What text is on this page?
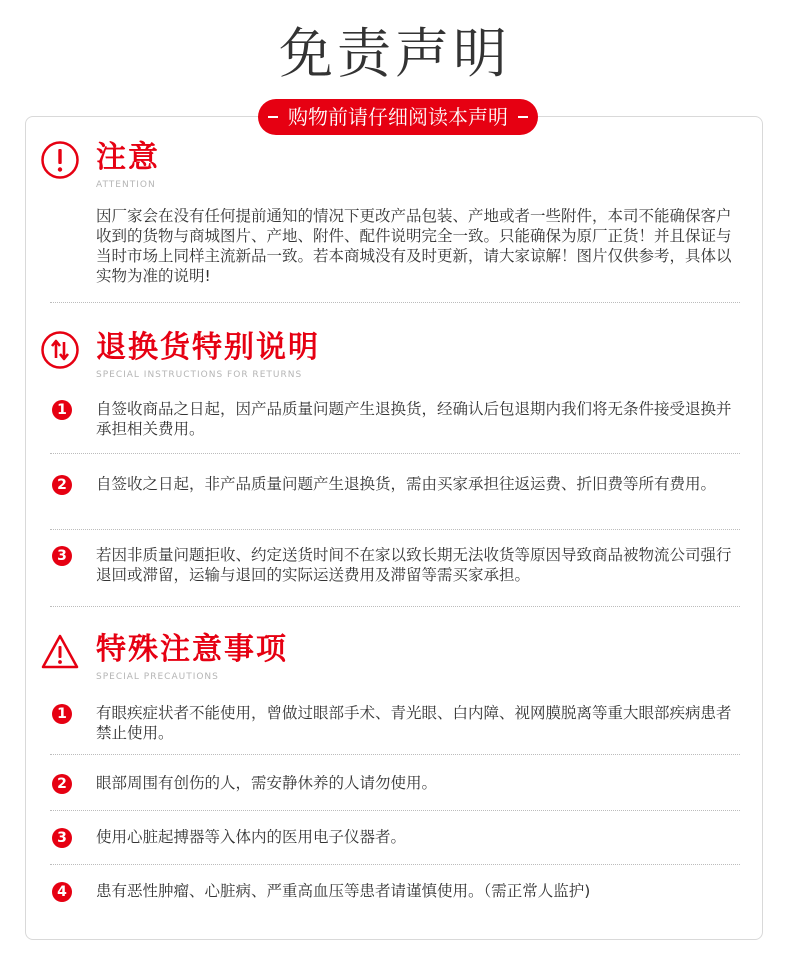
免责声明
购物前请仔细阅读本声明
注意
ATTENTION
因厂家会在没有任何提前通知的情况下更改产品包装、产地或者一些附件，本司不能确保客户收到的货物与商城图片、产地、附件、配件说明完全一致。只能确保为原厂正货！并且保证与当时市场上同样主流新品一致。若本商城没有及时更新，请大家谅解！图片仅供参考，具体以实物为准的说明!
退换货特别说明
SPECIAL INSTRUCTIONS FOR RETURNS
1	自签收商品之日起，因产品质量问题产生退换货，经确认后包退期内我们将无条件接受退换并承担相关费用。
2	自签收之日起，非产品质量问题产生退换货，需由买家承担往返运费、折旧费等所有费用。
3	若因非质量问题拒收、约定送货时间不在家以致长期无法收货等原因导致商品被物流公司强行退回或滞留，运输与退回的实际运送费用及滞留等需买家承担。
特殊注意事项
SPECIAL PRECAUTIONS
1	有眼疾症状者不能使用，曾做过眼部手术、青光眼、白内障、视网膜脱离等重大眼部疾病患者禁止使用。
2	眼部周围有创伤的人，需安静休养的人请勿使用。
3	使用心脏起搏器等入体内的医用电子仪器者。
4	患有恶性肿瘤、心脏病、严重高血压等患者请谨慎使用。（需正常人监护)
